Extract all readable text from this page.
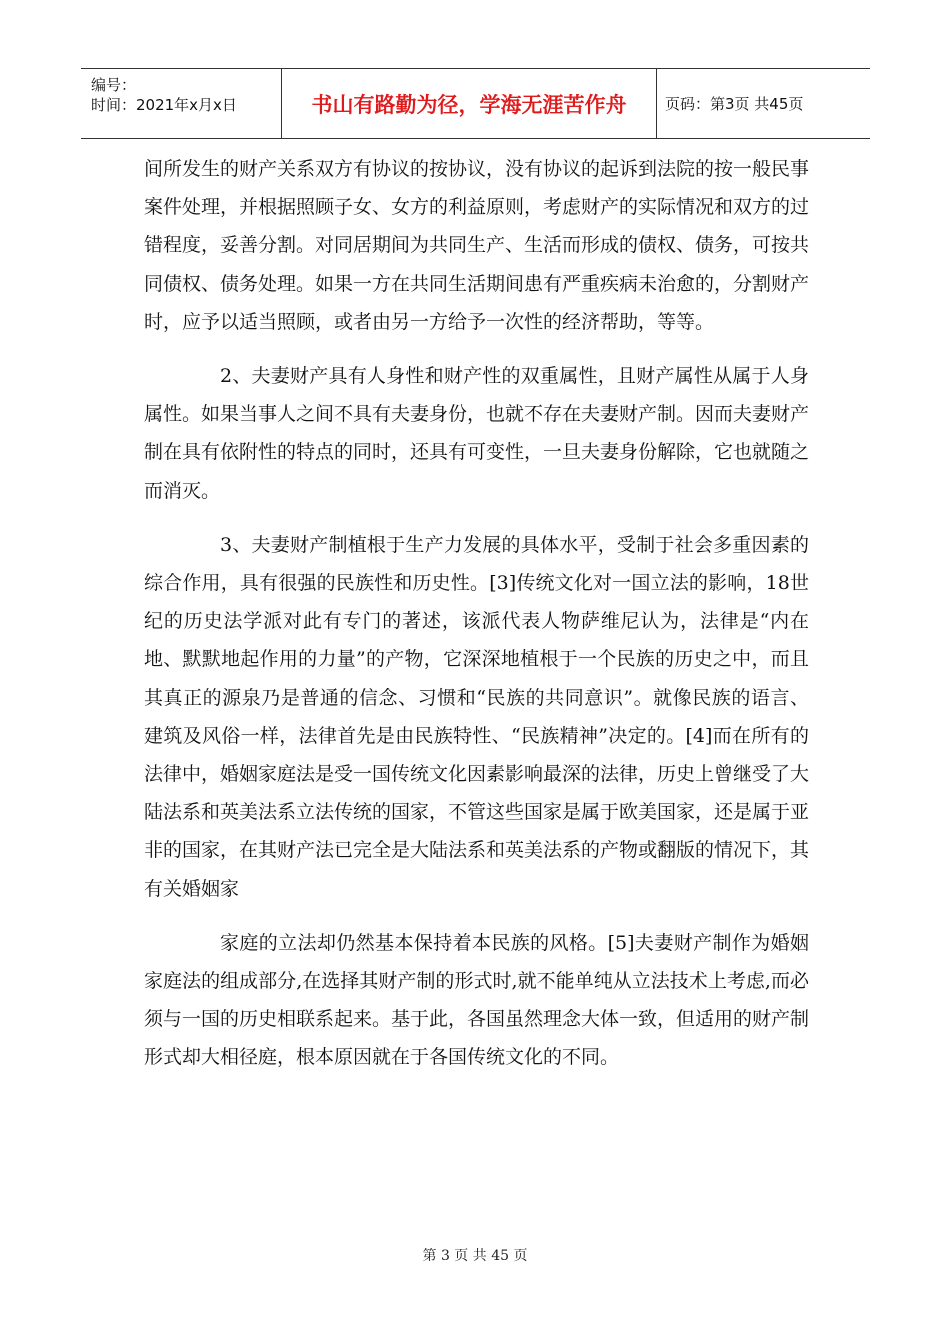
编号：
时间：2021年x月x日	书山有路勤为径，学海无涯苦作舟	页码：第3页 共45页

间所发生的财产关系双方有协议的按协议，没有协议的起诉到法院的按一般民事案件处理，并根据照顾子女、女方的利益原则，考虑财产的实际情况和双方的过错程度，妥善分割。对同居期间为共同生产、生活而形成的债权、债务，可按共同债权、债务处理。如果一方在共同生活期间患有严重疾病未治愈的，分割财产时，应予以适当照顾，或者由另一方给予一次性的经济帮助，等等。

2、夫妻财产具有人身性和财产性的双重属性，且财产属性从属于人身属性。如果当事人之间不具有夫妻身份，也就不存在夫妻财产制。因而夫妻财产制在具有依附性的特点的同时，还具有可变性，一旦夫妻身份解除，它也就随之而消灭。

3、夫妻财产制植根于生产力发展的具体水平，受制于社会多重因素的综合作用，具有很强的民族性和历史性。[3]传统文化对一国立法的影响，18世纪的历史法学派对此有专门的著述，该派代表人物萨维尼认为，法律是“内在地、默默地起作用的力量”的产物，它深深地植根于一个民族的历史之中，而且其真正的源泉乃是普通的信念、习惯和“民族的共同意识”。就像民族的语言、建筑及风俗一样，法律首先是由民族特性、“民族精神”决定的。[4]而在所有的法律中，婚姻家庭法是受一国传统文化因素影响最深的法律，历史上曾继受了大陆法系和英美法系立法传统的国家，不管这些国家是属于欧美国家，还是属于亚非的国家，在其财产法已完全是大陆法系和英美法系的产物或翻版的情况下，其有关婚姻家

家庭的立法却仍然基本保持着本民族的风格。[5]夫妻财产制作为婚姻家庭法的组成部分,在选择其财产制的形式时,就不能单纯从立法技术上考虑,而必须与一国的历史相联系起来。基于此，各国虽然理念大体一致，但适用的财产制形式却大相径庭，根本原因就在于各国传统文化的不同。

第 3 页 共 45 页
